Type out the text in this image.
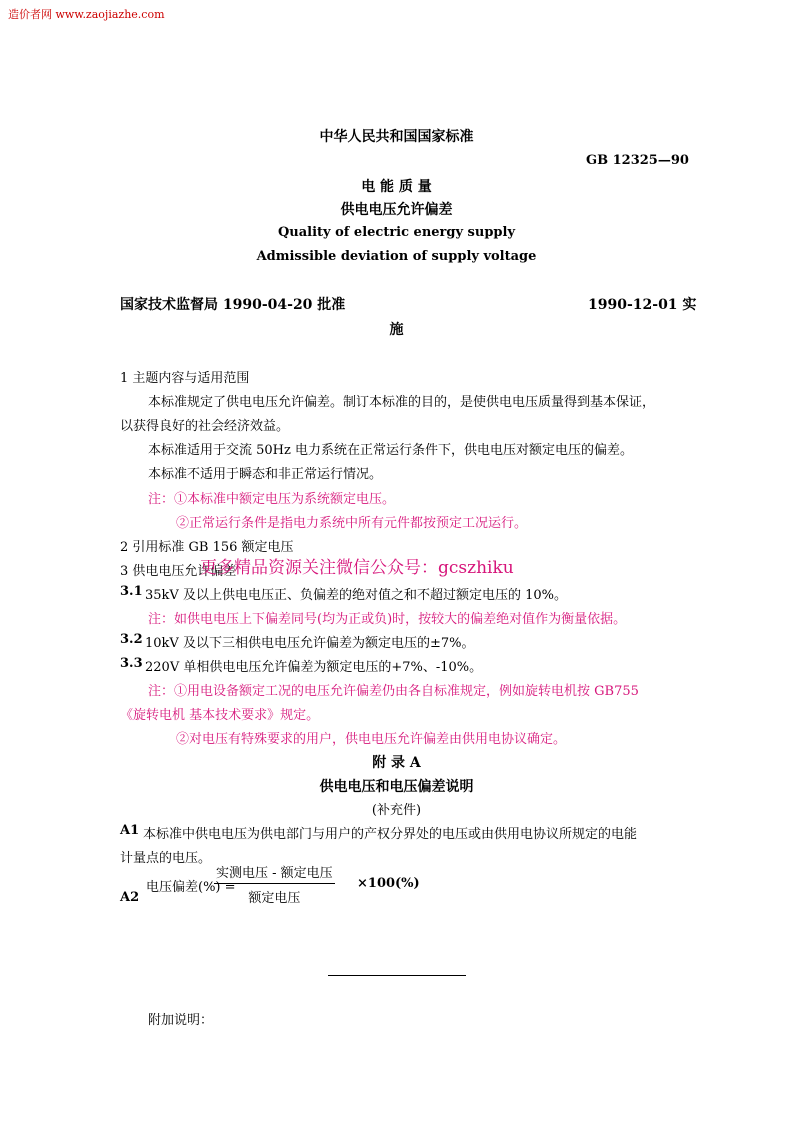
造价者网 www.zaojiazhe.com
中华人民共和国国家标准
GB 12325—90
电 能 质 量
供电电压允许偏差
Quality of electric energy supply
Admissible deviation of supply voltage
国家技术监督局 1990-04-20 批准	1990-12-01 实
施
1 主题内容与适用范围
本标准规定了供电电压允许偏差。制订本标准的目的，是使供电电压质量得到基本保证，
以获得良好的社会经济效益。
本标准适用于交流 50Hz 电力系统在正常运行条件下，供电电压对额定电压的偏差。
本标准不适用于瞬态和非正常运行情况。
注：①本标准中额定电压为系统额定电压。
②正常运行条件是指电力系统中所有元件都按预定工况运行。
2 引用标准 GB 156 额定电压
3 供电电压允许偏差
更多精品资源关注微信公众号：gcszhiku
3.1 35kV 及以上供电电压正、负偏差的绝对值之和不超过额定电压的 10%。
注：如供电电压上下偏差同号(均为正或负)时，按较大的偏差绝对值作为衡量依据。
3.2 10kV 及以下三相供电电压允许偏差为额定电压的±7%。
3.3 220V 单相供电电压允许偏差为额定电压的+7%、-10%。
注：①用电设备额定工况的电压允许偏差仍由各自标准规定，例如旋转电机按 GB755
《旋转电机 基本技术要求》规定。
②对电压有特殊要求的用户，供电电压允许偏差由供用电协议确定。
附 录 A
供电电压和电压偏差说明
(补充件)
A1 本标准中供电电压为供电部门与用户的产权分界处的电压或由供用电协议所规定的电能
计量点的电压。
A2
电压偏差(%) =
实测电压 - 额定电压
额定电压
×100(%)
附加说明：
